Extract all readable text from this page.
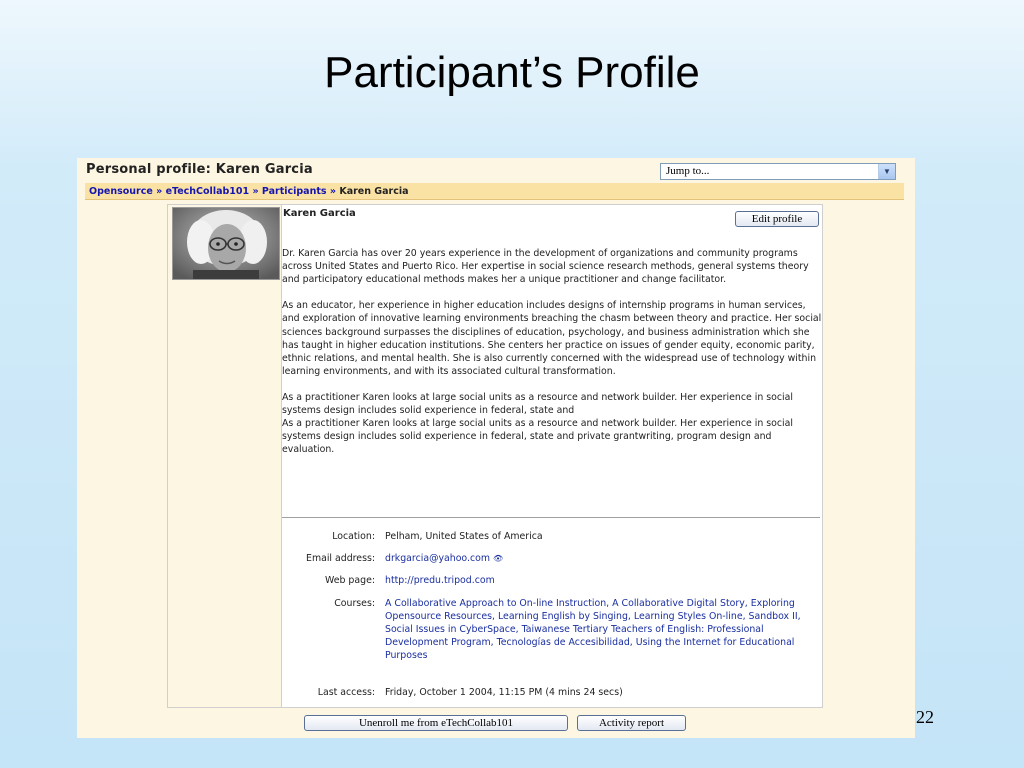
Participant’s Profile
Personal profile: Karen Garcia	Jump to...	▼
Opensource » eTechCollab101 » Participants » Karen Garcia
Karen Garcia	Edit profile

Dr. Karen Garcia has over 20 years experience in the development of organizations and community programs across United States and Puerto Rico. Her expertise in social science research methods, general systems theory and participatory educational methods makes her a unique practitioner and change facilitator.

As an educator, her experience in higher education includes designs of internship programs in human services, and exploration of innovative learning environments breaching the chasm between theory and practice. Her social sciences background surpasses the disciplines of education, psychology, and business administration which she has taught in higher education institutions. She centers her practice on issues of gender equity, economic parity, ethnic relations, and mental health. She is also currently concerned with the widespread use of technology within learning environments, and with its associated cultural transformation.

As a practitioner Karen looks at large social units as a resource and network builder. Her experience in social systems design includes solid experience in federal, state and
As a practitioner Karen looks at large social units as a resource and network builder. Her experience in social systems design includes solid experience in federal, state and private grantwriting, program design and evaluation.

Location: Pelham, United States of America
Email address: drkgarcia@yahoo.com 👁
Web page: http://predu.tripod.com
Courses: A Collaborative Approach to On-line Instruction, A Collaborative Digital Story, Exploring Opensource Resources, Learning English by Singing, Learning Styles On-line, Sandbox II, Social Issues in CyberSpace, Taiwanese Tertiary Teachers of English: Professional Development Program, Tecnologías de Accesibilidad, Using the Internet for Educational Purposes
Last access: Friday, October 1 2004, 11:15 PM (4 mins 24 secs)
Unenroll me from eTechCollab101	Activity report	22
